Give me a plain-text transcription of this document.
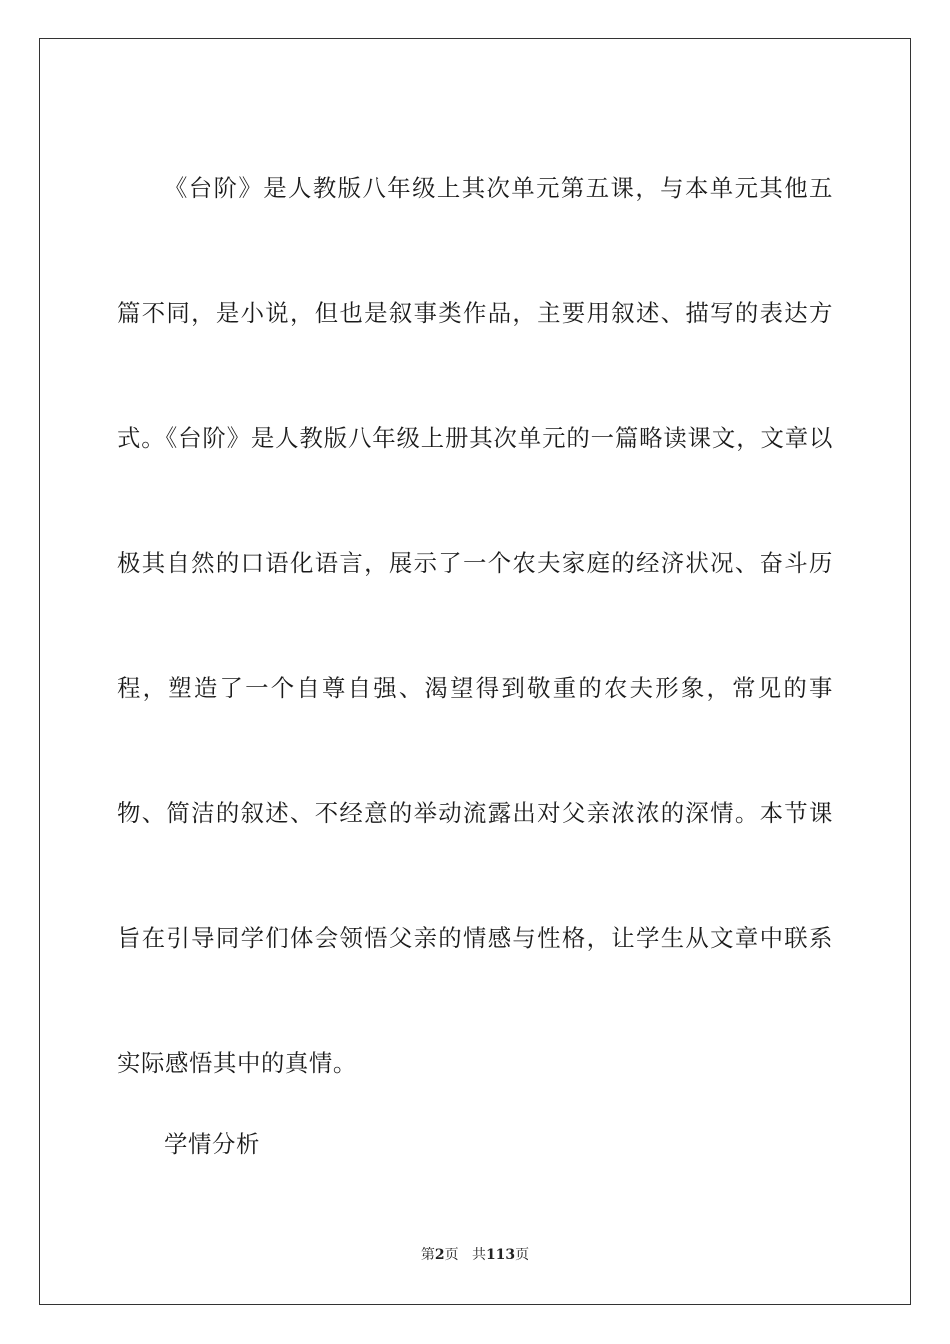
《台阶》是人教版八年级上其次单元第五课，与本单元其他五篇不同，是小说，但也是叙事类作品，主要用叙述、描写的表达方式。《台阶》是人教版八年级上册其次单元的一篇略读课文，文章以极其自然的口语化语言，展示了一个农夫家庭的经济状况、奋斗历程，塑造了一个自尊自强、渴望得到敬重的农夫形象，常见的事物、简洁的叙述、不经意的举动流露出对父亲浓浓的深情。本节课旨在引导同学们体会领悟父亲的情感与性格，让学生从文章中联系实际感悟其中的真情。

学情分析
第2页 共113页
